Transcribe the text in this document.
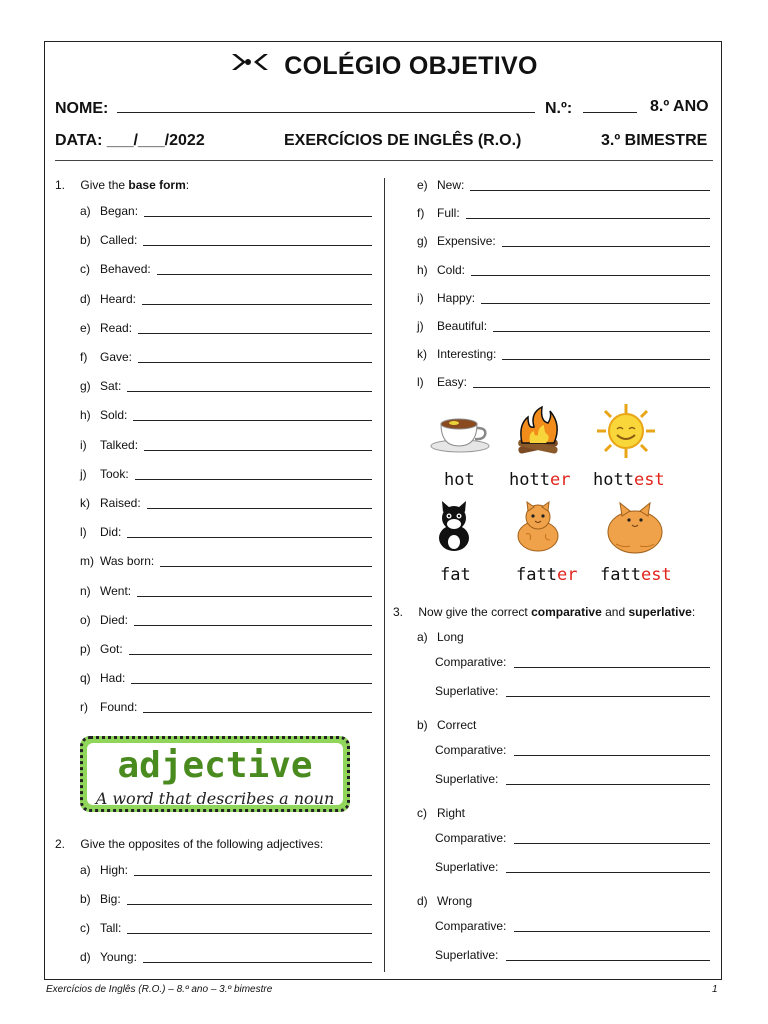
COLÉGIO OBJETIVO
NOME:	N.º:	8.º ANO
DATA: ___/___/2022	EXERCÍCIOS DE INGLÊS (R.O.)	3.º BIMESTRE
1. Give the base form:
a) Began:
b) Called:
c) Behaved:
d) Heard:
e) Read:
f) Gave:
g) Sat:
h) Sold:
i) Talked:
j) Took:
k) Raised:
l) Did:
m) Was born:
n) Went:
o) Died:
p) Got:
q) Had:
r) Found:
adjective
A word that describes a noun
2. Give the opposites of the following adjectives:
a) High:
b) Big:
c) Tall:
d) Young:
e) New:
f) Full:
g) Expensive:
h) Cold:
i) Happy:
j) Beautiful:
k) Interesting:
l) Easy:
hot hotter hottest
fat	fatter fattest
3. Now give the correct comparative and superlative:
a) Long
Comparative:
Superlative:
b) Correct
Comparative:
Superlative:
c) Right
Comparative:
Superlative:
d) Wrong
Comparative:
Superlative:
Exercícios de Inglês (R.O.) – 8.º ano – 3.º bimestre	1
